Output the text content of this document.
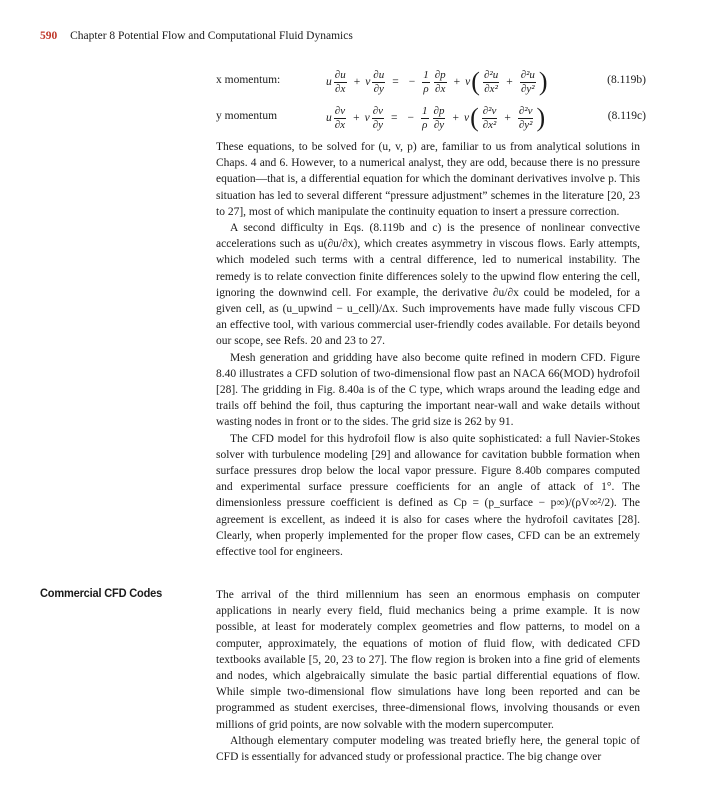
590 Chapter 8 Potential Flow and Computational Fluid Dynamics
x momentum:	u $\frac{\partial u}{\partial x} + v \frac{\partial u}{\partial y}$ = − $\frac{1}{\rho} \frac{\partial p}{\partial x} + \nu$ ( $\frac{\text{∂²u}}{\text{∂x²}} + \frac{\text{∂²u}}{\text{∂y²}}$ )	(8.119b)
y momentum	u $\frac{\partial v}{\partial x} + v \frac{\partial v}{\partial y}$ = − $\frac{1}{\rho} \frac{\partial p}{\partial y} + \nu$ ( $\frac{\text{∂²v}}{\text{∂x²}} + \frac{\text{∂²v}}{\text{∂y²}}$ )	(8.119c)

These equations, to be solved for (u, v, p) are, familiar to us from analytical solutions in Chaps. 4 and 6. However, to a numerical analyst, they are odd, because there is no pressure equation—that is, a differential equation for which the dominant derivatives involve p. This situation has led to several different “pressure adjustment” schemes in the literature [20, 23 to 27], most of which manipulate the continuity equation to insert a pressure correction.

A second difficulty in Eqs. (8.119b and c) is the presence of nonlinear convective accelerations such as u(∂u/∂x), which creates asymmetry in viscous flows. Early attempts, which modeled such terms with a central difference, led to numerical instability. The remedy is to relate convection finite differences solely to the upwind flow entering the cell, ignoring the downwind cell. For example, the derivative ∂u/∂x could be modeled, for a given cell, as (u_upwind − u_cell)/Δx. Such improvements have made fully viscous CFD an effective tool, with various commercial user-friendly codes available. For details beyond our scope, see Refs. 20 and 23 to 27.

Mesh generation and gridding have also become quite refined in modern CFD. Figure 8.40 illustrates a CFD solution of two-dimensional flow past an NACA 66(MOD) hydrofoil [28]. The gridding in Fig. 8.40a is of the C type, which wraps around the leading edge and trails off behind the foil, thus capturing the important near-wall and wake details without wasting nodes in front or to the sides. The grid size is 262 by 91.

The CFD model for this hydrofoil flow is also quite sophisticated: a full Navier-Stokes solver with turbulence modeling [29] and allowance for cavitation bubble formation when surface pressures drop below the local vapor pressure. Figure 8.40b compares computed and experimental surface pressure coefficients for an angle of attack of 1°. The dimensionless pressure coefficient is defined as Cp = (p_surface − p∞)/(ρV∞²/2). The agreement is excellent, as indeed it is also for cases where the hydrofoil cavitates [28]. Clearly, when properly implemented for the proper flow cases, CFD can be an extremely effective tool for engineers.

Commercial CFD Codes	The arrival of the third millennium has seen an enormous emphasis on computer applications in nearly every field, fluid mechanics being a prime example. It is now possible, at least for moderately complex geometries and flow patterns, to model on a computer, approximately, the equations of motion of fluid flow, with dedicated CFD textbooks available [5, 20, 23 to 27]. The flow region is broken into a fine grid of elements and nodes, which algebraically simulate the basic partial differential equations of flow. While simple two-dimensional flow simulations have long been reported and can be programmed as student exercises, three-dimensional flows, involving thousands or even millions of grid points, are now solvable with the modern supercomputer.

Although elementary computer modeling was treated briefly here, the general topic of CFD is essentially for advanced study or professional practice. The big change over
